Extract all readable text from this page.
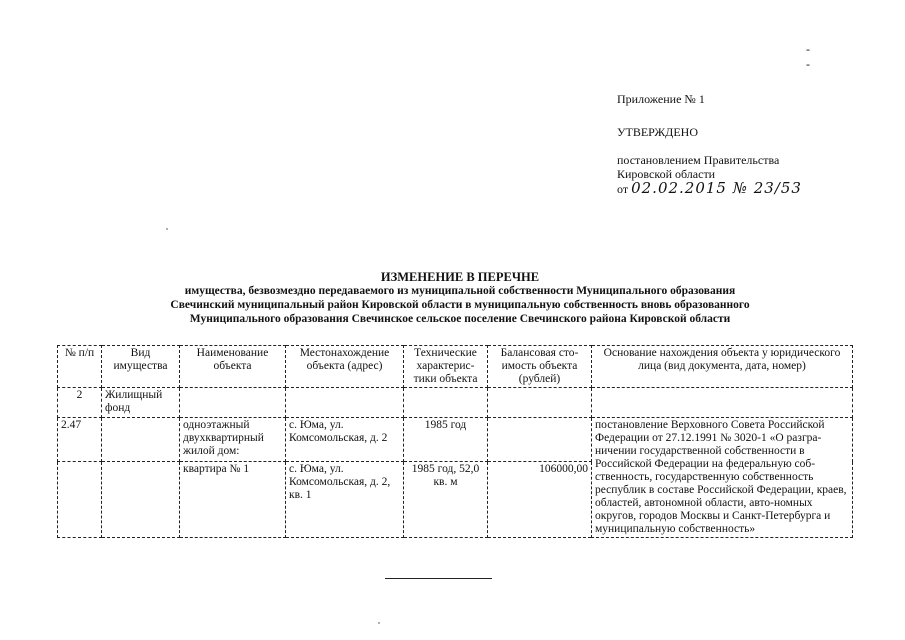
- -
Приложение № 1
УТВЕРЖДЕНО
постановлением Правительства
Кировской области
от 02.02.2015 № 23/53
ИЗМЕНЕНИЕ В ПЕРЕЧНЕ
имущества, безвозмездно передаваемого из муниципальной собственности Муниципального образования
Свечинский муниципальный район Кировской области в муниципальную собственность вновь образованного
Муниципального образования Свечинское сельское поселение Свечинского района Кировской области
№ п/п	Вид имущества	Наименование объекта	Местонахождение объекта (адрес)	Технические характерис-тики объекта	Балансовая сто-имость объекта (рублей)	Основание нахождения объекта у юридического лица (вид документа, дата, номер)
2	Жилищный фонд					
2.47		одноэтажный двухквартирный жилой дом:	с. Юма, ул. Комсомольская, д. 2	1985 год		постановление Верховного Совета Российской Федерации от 27.12.1991 № 3020-1 «О разгра-ничении государственной собственности в Российской Федерации на федеральную соб-ственность, государственную собственность республик в составе Российской Федерации, краев, областей, автономной области, авто-номных округов, городов Москвы и Санкт-Петербурга и муниципальную собственность»
		квартира № 1	с. Юма, ул. Комсомольская, д. 2, кв. 1	1985 год, 52,0 кв. м	106000,00	
